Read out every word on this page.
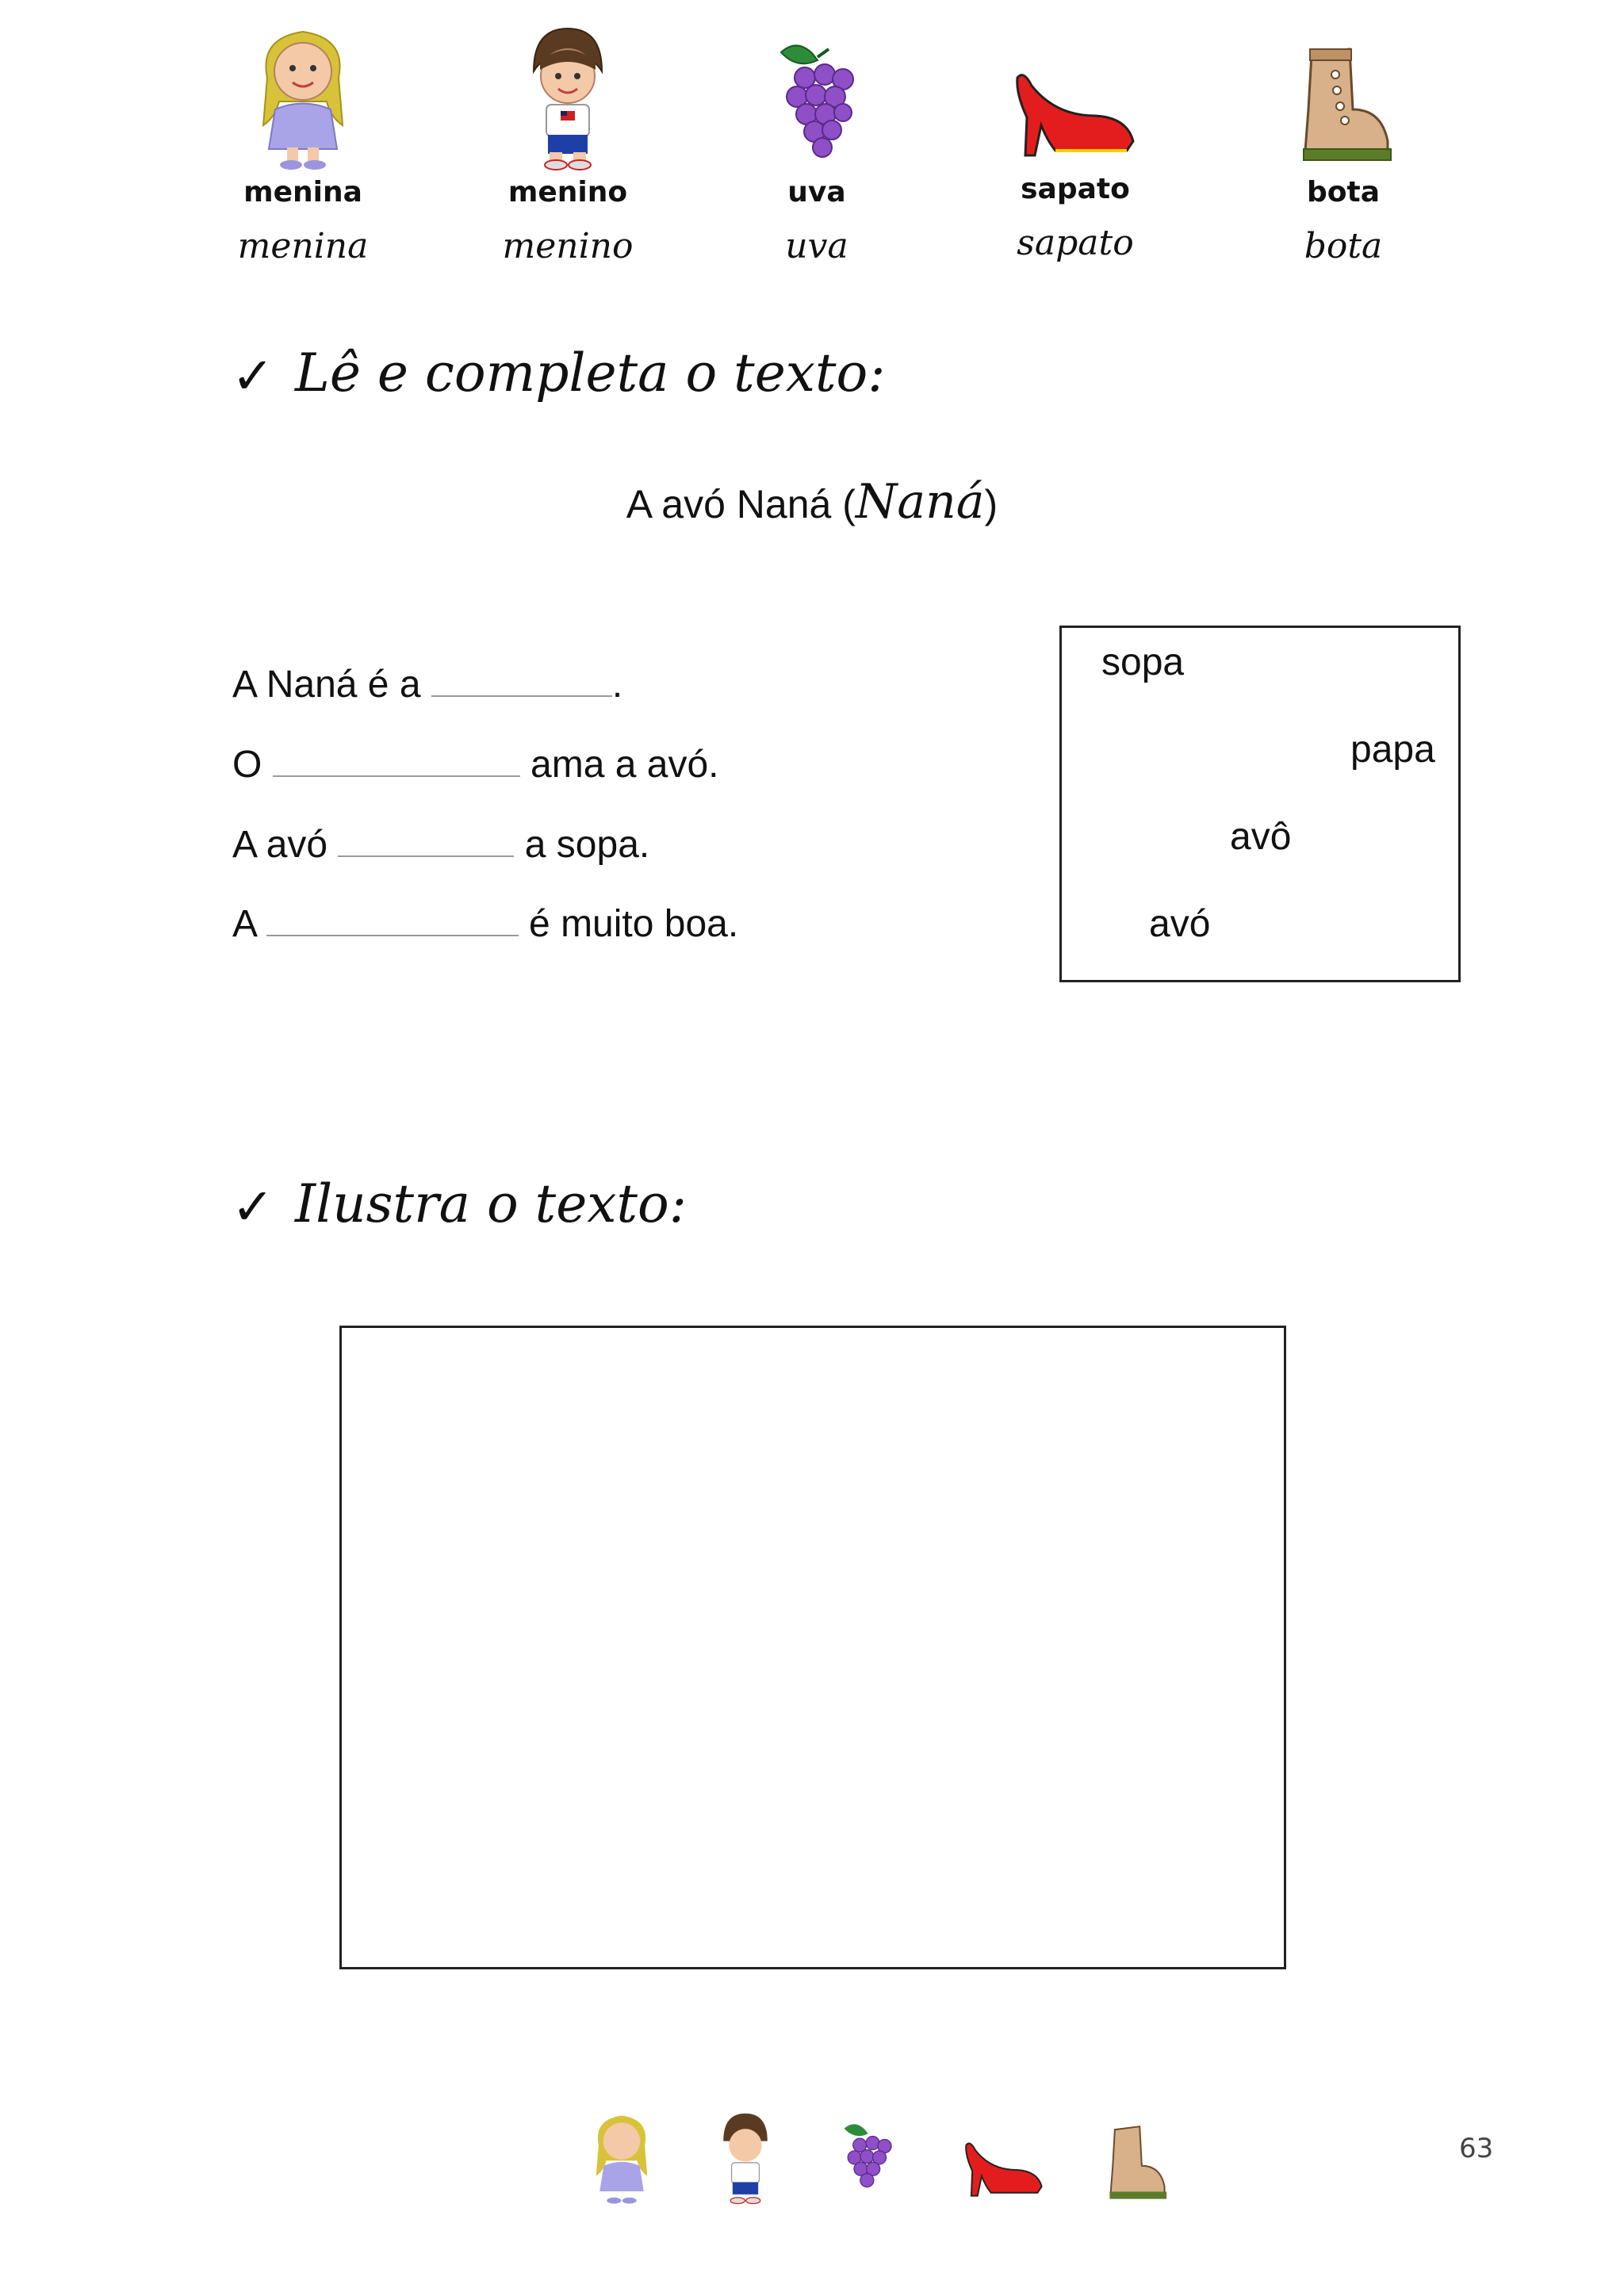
menina
menina
menino
menino
uva
uva
sapato
sapato
bota
bota
✓ Lê e completa o texto:
A avó Naná (Naná)
A Naná é a	.
O	ama a avó.
A avó	a sopa.
A	é muito boa.
sopa
papa
avô
avó
✓ Ilustra o texto:
63
